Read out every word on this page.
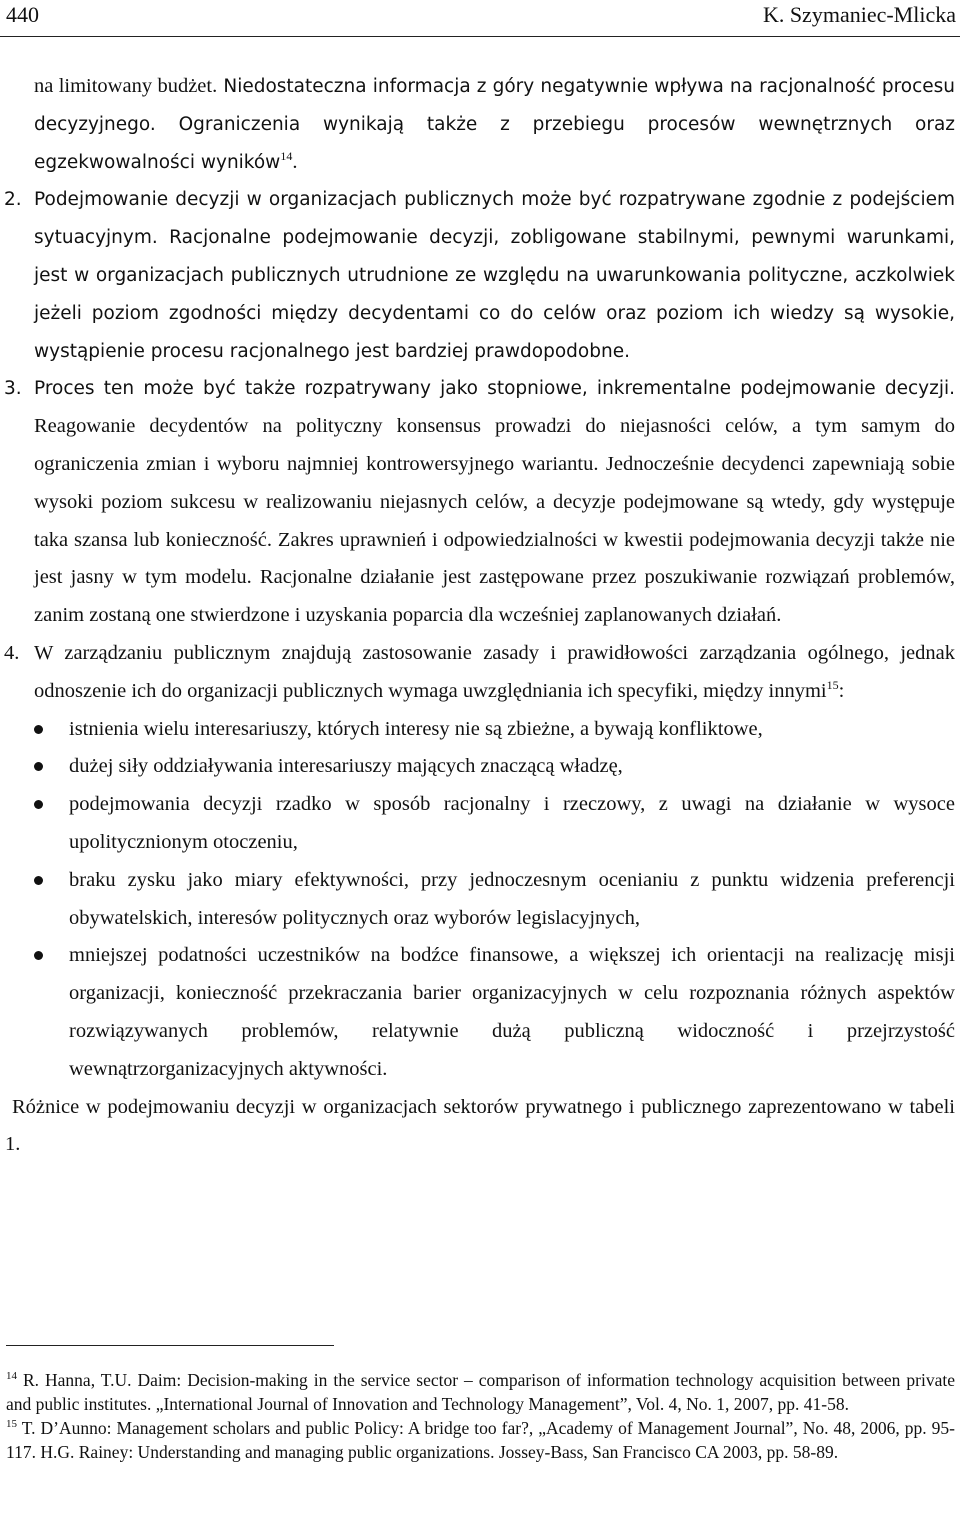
440	K. Szymaniec-Mlicka

na limitowany budżet. Niedostateczna informacja z góry negatywnie wpływa na racjonalność procesu decyzyjnego. Ograniczenia wynikają także z przebiegu procesów wewnętrznych oraz egzekwowalności wyników$^{14}$.

2. Podejmowanie decyzji w organizacjach publicznych może być rozpatrywane zgodnie z podejściem sytuacyjnym. Racjonalne podejmowanie decyzji, zobligowane stabilnymi, pewnymi warunkami, jest w organizacjach publicznych utrudnione ze względu na uwarunkowania polityczne, aczkolwiek jeżeli poziom zgodności między decydentami co do celów oraz poziom ich wiedzy są wysokie, wystąpienie procesu racjonalnego jest bardziej prawdopodobne.

3. Proces ten może być także rozpatrywany jako stopniowe, inkrementalne podejmowanie decyzji. Reagowanie decydentów na polityczny konsensus prowadzi do niejasności celów, a tym samym do ograniczenia zmian i wyboru najmniej kontrowersyjnego wariantu. Jednocześnie decydenci zapewniają sobie wysoki poziom sukcesu w realizowaniu niejasnych celów, a decyzje podejmowane są wtedy, gdy występuje taka szansa lub konieczność. Zakres uprawnień i odpowiedzialności w kwestii podejmowania decyzji także nie jest jasny w tym modelu. Racjonalne działanie jest zastępowane przez poszukiwanie rozwiązań problemów, zanim zostaną one stwierdzone i uzyskania poparcia dla wcześniej zaplanowanych działań.

4. W zarządzaniu publicznym znajdują zastosowanie zasady i prawidłowości zarządzania ogólnego, jednak odnoszenie ich do organizacji publicznych wymaga uwzględniania ich specyfiki, między innymi$^{15}$:

istnienia wielu interesariuszy, których interesy nie są zbieżne, a bywają konfliktowe,
dużej siły oddziaływania interesariuszy mających znaczącą władzę,
podejmowania decyzji rzadko w sposób racjonalny i rzeczowy, z uwagi na działanie w wysoce upolitycznionym otoczeniu,
braku zysku jako miary efektywności, przy jednoczesnym ocenianiu z punktu widzenia preferencji obywatelskich, interesów politycznych oraz wyborów legislacyjnych,
mniejszej podatności uczestników na bodźce finansowe, a większej ich orientacji na realizację misji organizacji, konieczność przekraczania barier organizacyjnych w celu rozpoznania różnych aspektów rozwiązywanych problemów, relatywnie dużą publiczną widoczność i przejrzystość wewnątrzorganizacyjnych aktywności.

Różnice w podejmowaniu decyzji w organizacjach sektorów prywatnego i publicznego zaprezentowano w tabeli 1.

$^{14}$ R. Hanna, T.U. Daim: Decision-making in the service sector – comparison of information technology acquisition between private and public institutes. „International Journal of Innovation and Technology Management”, Vol. 4, No. 1, 2007, pp. 41-58.

$^{15}$ T. D’Aunno: Management scholars and public Policy: A bridge too far?, „Academy of Management Journal”, No. 48, 2006, pp. 95-117. H.G. Rainey: Understanding and managing public organizations. Jossey-Bass, San Francisco CA 2003, pp. 58-89.
